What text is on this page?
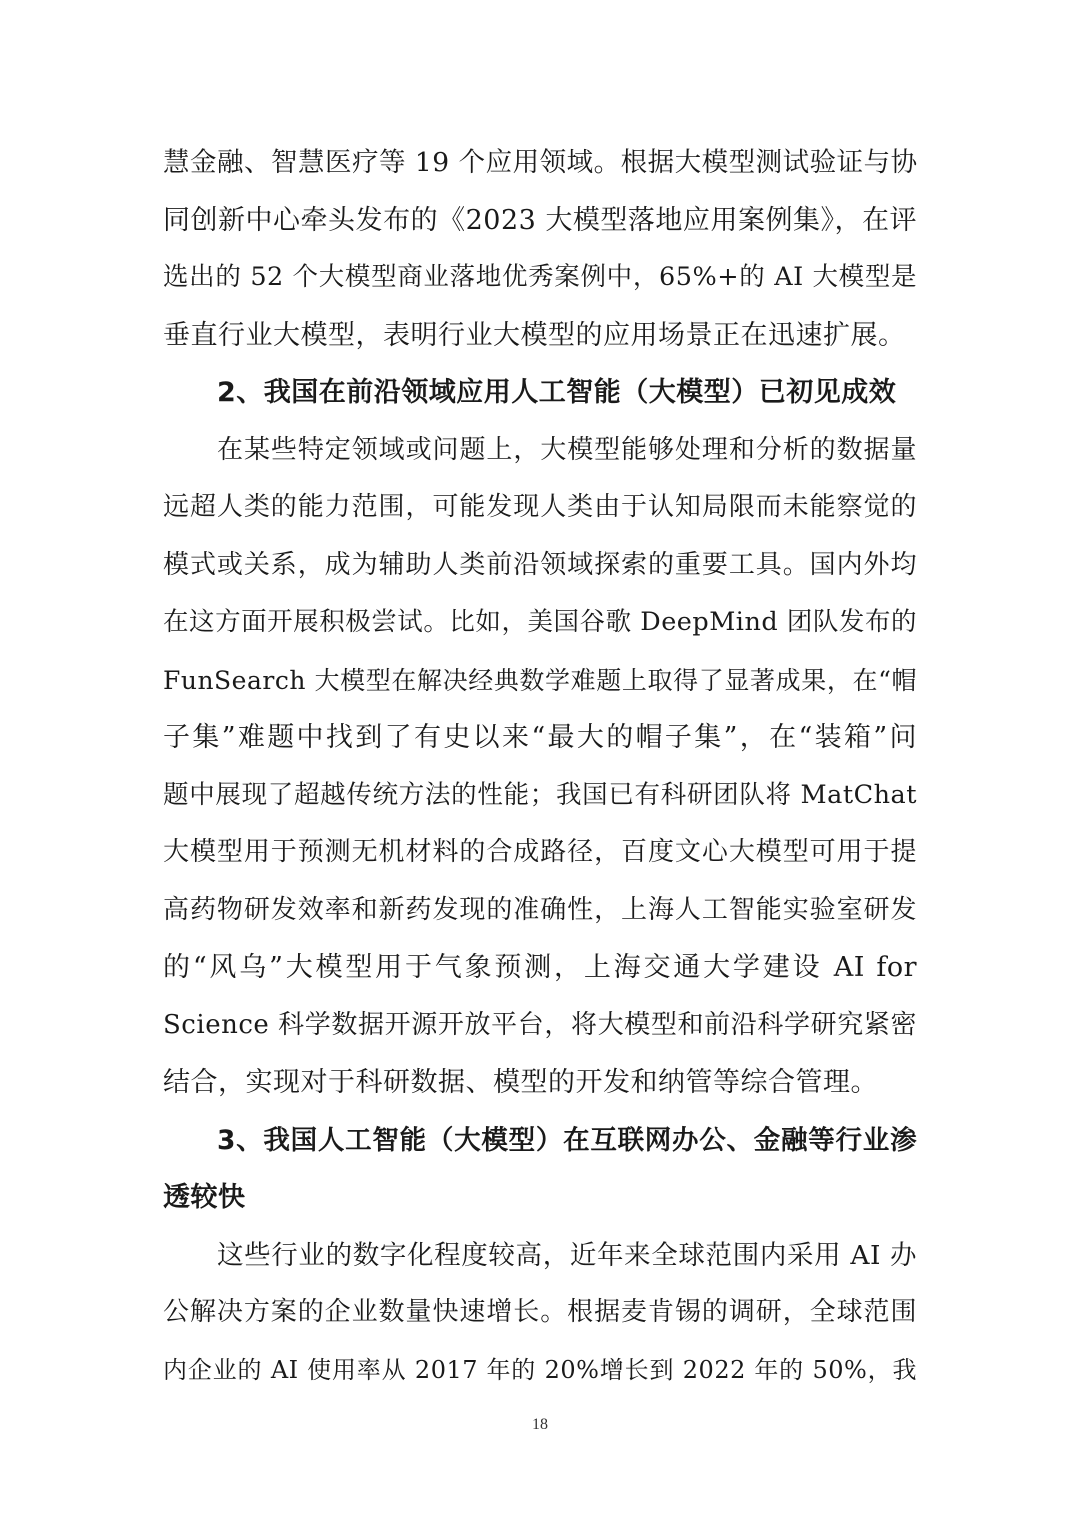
慧金融、智慧医疗等 19 个应用领域。根据大模型测试验证与协
同创新中心牵头发布的《2023 大模型落地应用案例集》，在评
选出的 52 个大模型商业落地优秀案例中，65%+的 AI 大模型是
垂直行业大模型，表明行业大模型的应用场景正在迅速扩展。
2、我国在前沿领域应用人工智能（大模型）已初见成效
在某些特定领域或问题上，大模型能够处理和分析的数据量
远超人类的能力范围，可能发现人类由于认知局限而未能察觉的
模式或关系，成为辅助人类前沿领域探索的重要工具。国内外均
在这方面开展积极尝试。比如，美国谷歌 DeepMind 团队发布的
FunSearch 大模型在解决经典数学难题上取得了显著成果，在“帽
子集”难题中找到了有史以来“最大的帽子集”，在“装箱”问
题中展现了超越传统方法的性能；我国已有科研团队将 MatChat
大模型用于预测无机材料的合成路径，百度文心大模型可用于提
高药物研发效率和新药发现的准确性，上海人工智能实验室研发
的“风乌”大模型用于气象预测，上海交通大学建设 AI for
Science 科学数据开源开放平台，将大模型和前沿科学研究紧密
结合，实现对于科研数据、模型的开发和纳管等综合管理。
3、我国人工智能（大模型）在互联网办公、金融等行业渗
透较快
这些行业的数字化程度较高，近年来全球范围内采用 AI 办
公解决方案的企业数量快速增长。根据麦肯锡的调研，全球范围
内企业的 AI 使用率从 2017 年的 20%增长到 2022 年的 50%，我
18
